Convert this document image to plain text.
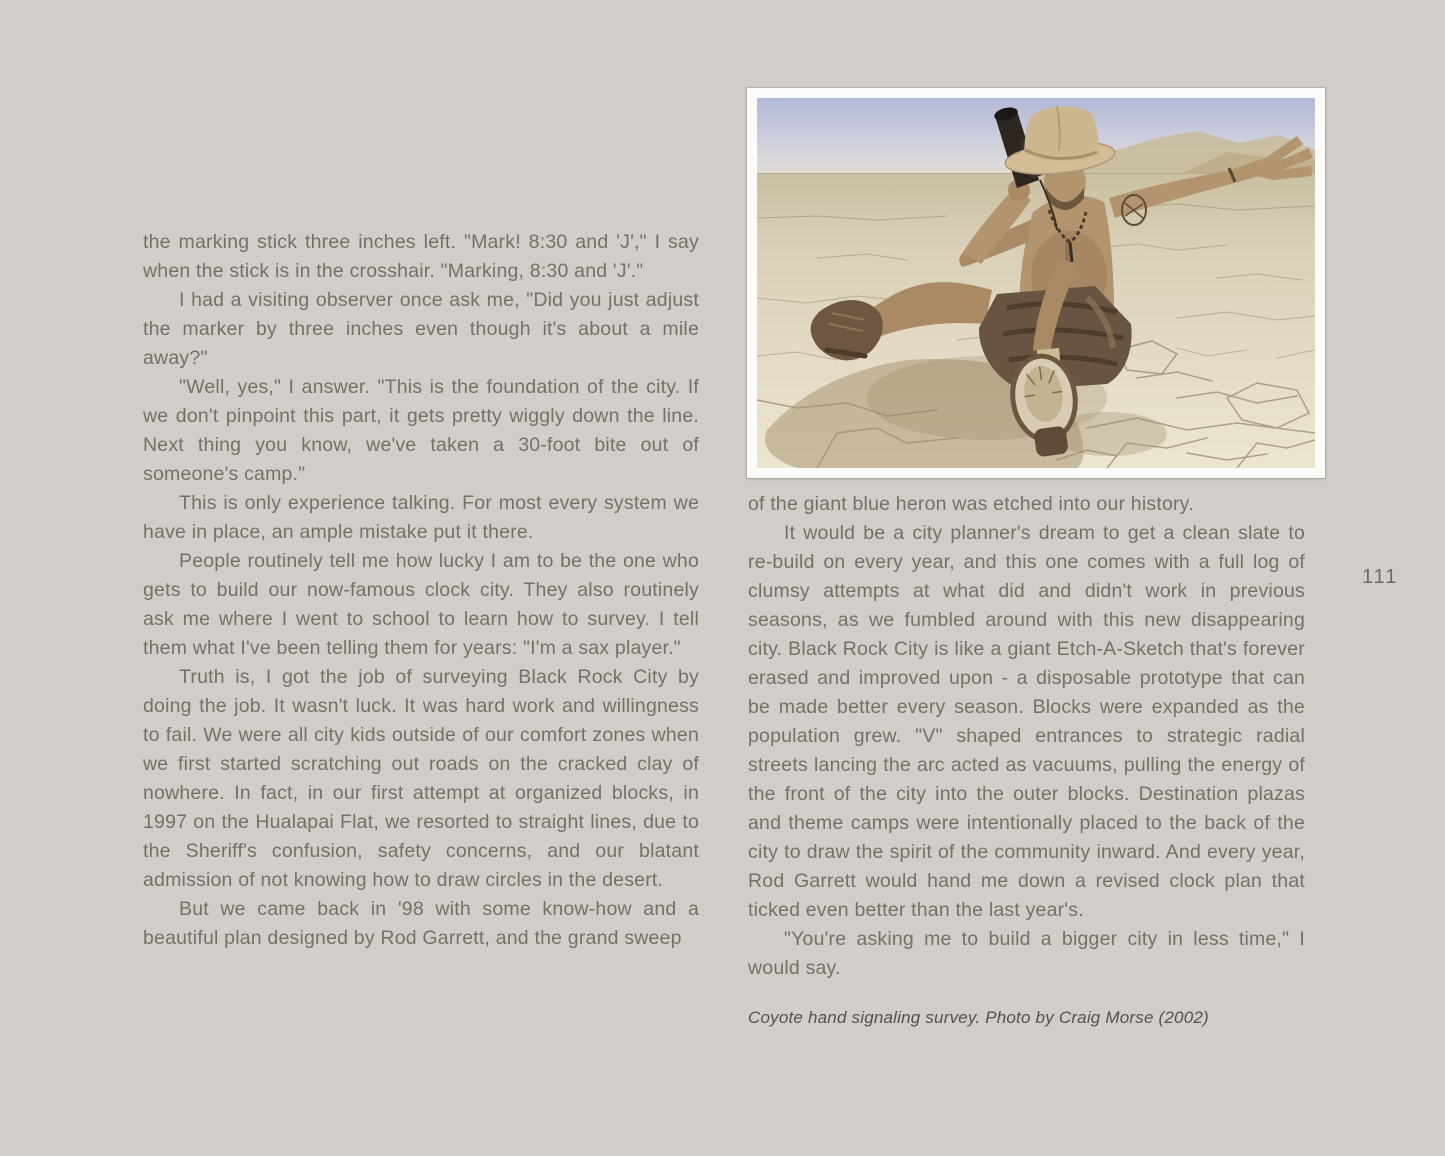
the marking stick three inches left. "Mark! 8:30 and 'J'," I say when the stick is in the crosshair. "Marking, 8:30 and 'J'."

I had a visiting observer once ask me, "Did you just adjust the marker by three inches even though it's about a mile away?"

"Well, yes," I answer. "This is the foundation of the city. If we don't pinpoint this part, it gets pretty wiggly down the line. Next thing you know, we've taken a 30-foot bite out of someone's camp."

This is only experience talking. For most every system we have in place, an ample mistake put it there.

People routinely tell me how lucky I am to be the one who gets to build our now-famous clock city. They also routinely ask me where I went to school to learn how to survey. I tell them what I've been telling them for years: "I'm a sax player."

Truth is, I got the job of surveying Black Rock City by doing the job. It wasn't luck. It was hard work and willingness to fail. We were all city kids outside of our comfort zones when we first started scratching out roads on the cracked clay of nowhere. In fact, in our first attempt at organized blocks, in 1997 on the Hualapai Flat, we resorted to straight lines, due to the Sheriff's confusion, safety concerns, and our blatant admission of not knowing how to draw circles in the desert.

But we came back in '98 with some know-how and a beautiful plan designed by Rod Garrett, and the grand sweep

of the giant blue heron was etched into our history.

It would be a city planner's dream to get a clean slate to re-build on every year, and this one comes with a full log of clumsy attempts at what did and didn't work in previous seasons, as we fumbled around with this new disappearing city. Black Rock City is like a giant Etch-A-Sketch that's forever erased and improved upon - a disposable prototype that can be made better every season. Blocks were expanded as the population grew. "V" shaped entrances to strategic radial streets lancing the arc acted as vacuums, pulling the energy of the front of the city into the outer blocks. Destination plazas and theme camps were intentionally placed to the back of the city to draw the spirit of the community inward. And every year, Rod Garrett would hand me down a revised clock plan that ticked even better than the last year's.

"You're asking me to build a bigger city in less time," I would say.

Coyote hand signaling survey. Photo by Craig Morse (2002)
111
